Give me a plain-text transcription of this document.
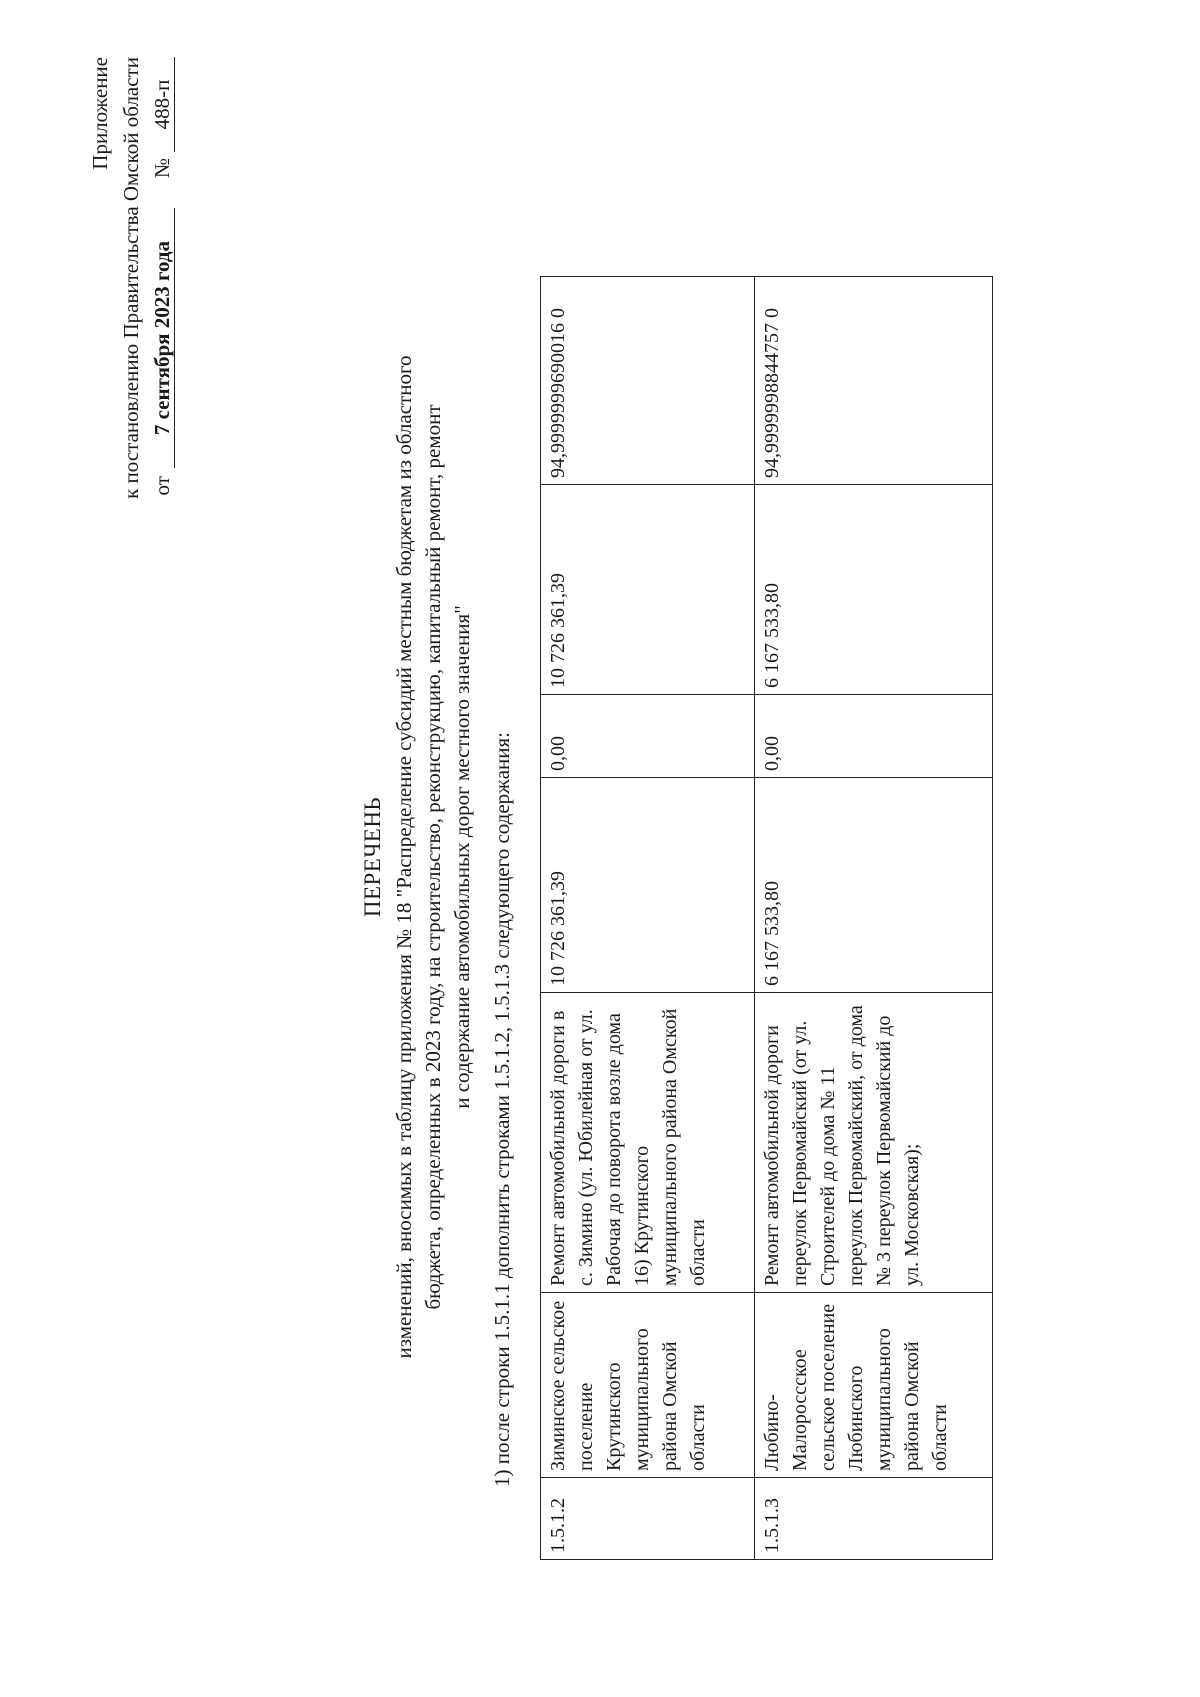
Приложение к постановлению Правительства Омской области от
7 сентября 2023 года
№
488-п
ПЕРЕЧЕНЬ изменений, вносимых в таблицу приложения № 18 "Распределение субсидий местным бюджетам из областного бюджета, определенных в 2023 году, на строительство, реконструкцию, капитальный ремонт, ремонт и содержание автомобильных дорог местного значения" 1) после строки 1.5.1.1 дополнить строками 1.5.1.2, 1.5.1.3 следующего содержания:
1.5.1.2	Зиминское сельское поселение Крутинского муниципального района Омской области	Ремонт автомобильной дороги в с. Зимино (ул. Юбилейная от ул. Рабочая до поворота возле дома 16) Крутинского муниципального района Омской области	10 726 361,39	0,00	10 726 361,39	94,9999999690016 0
1.5.1.3	Любино-Малороссское сельское поселение Любинского муниципального района Омской области	Ремонт автомобильной дороги переулок Первомайский (от ул. Строителей до дома № 11 переулок Первомайский, от дома № 3 переулок Первомайский до ул. Московская);	6 167 533,80	0,00	6 167 533,80	94,9999998844757 0
